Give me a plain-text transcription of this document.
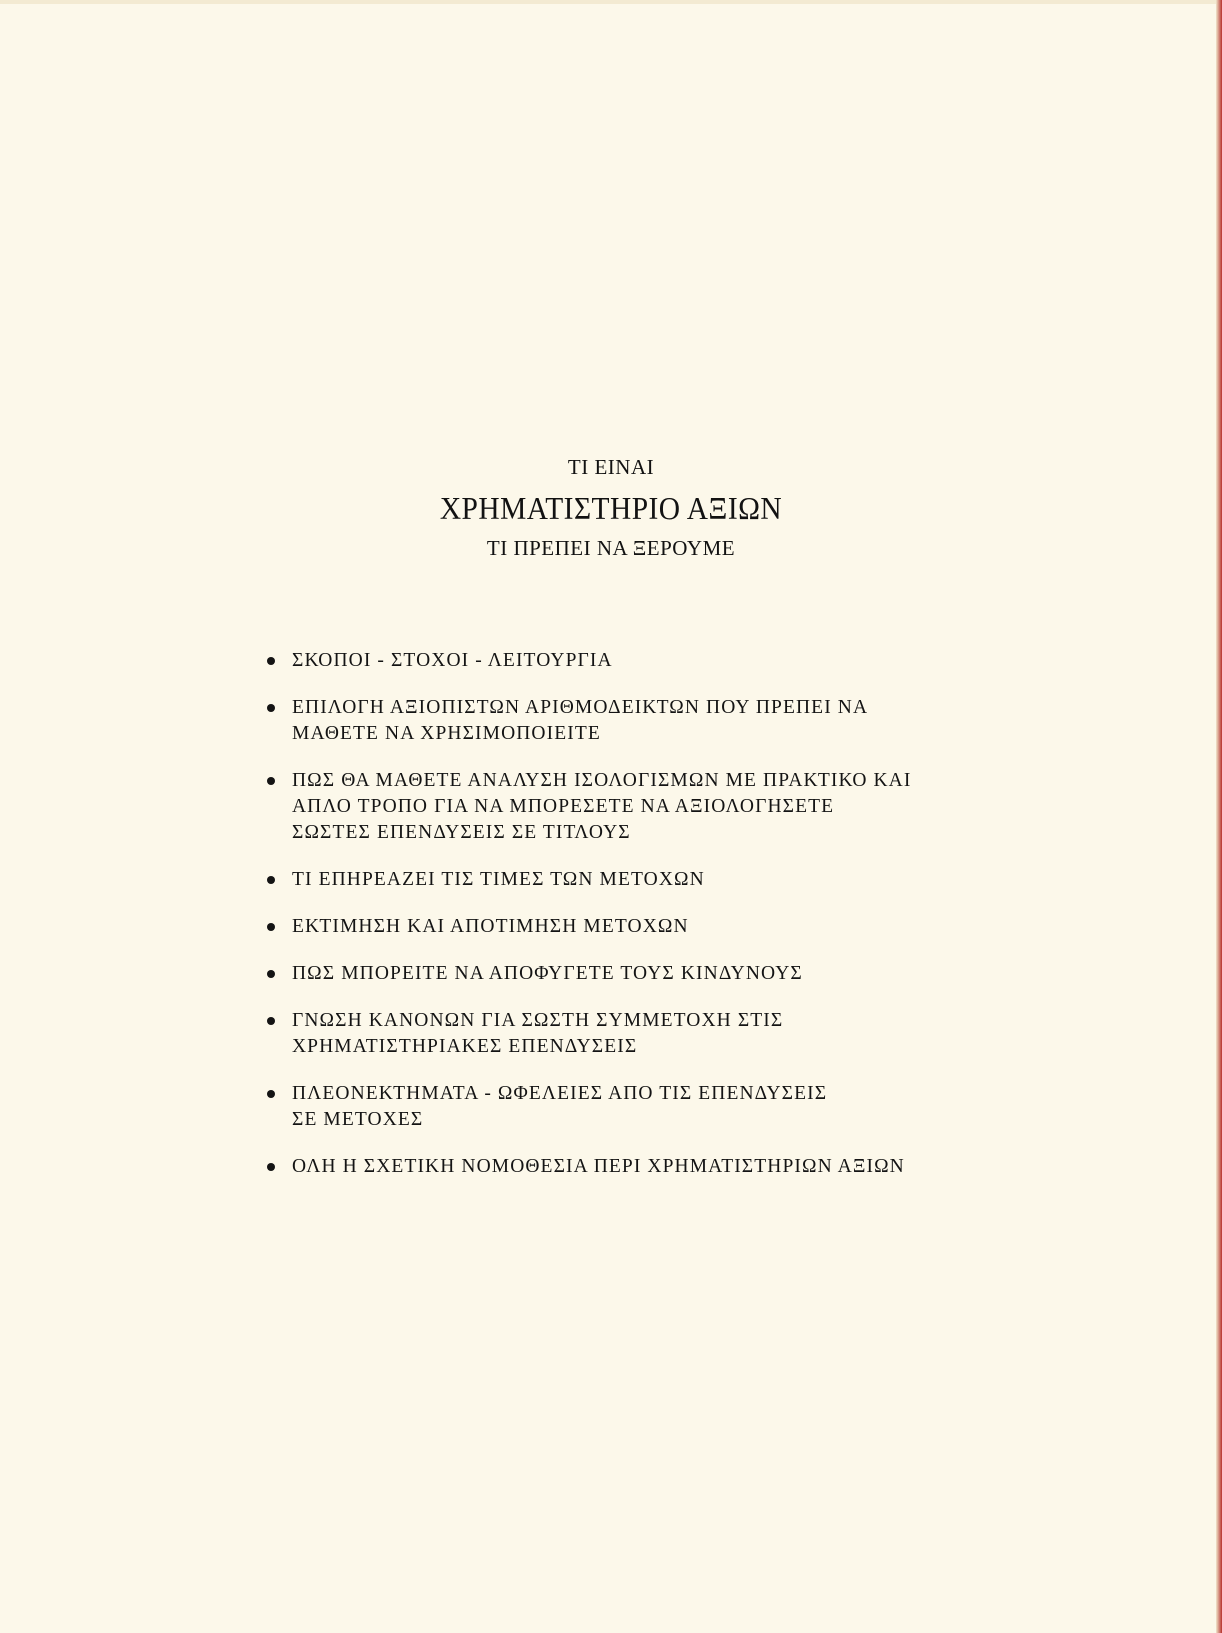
ΤΙ ΕΙΝΑΙ
ΧΡΗΜΑΤΙΣΤΗΡΙΟ ΑΞΙΩΝ
ΤΙ ΠΡΕΠΕΙ ΝΑ ΞΕΡΟΥΜΕ
ΣΚΟΠΟΙ - ΣΤΟΧΟΙ - ΛΕΙΤΟΥΡΓΙΑ
ΕΠΙΛΟΓΗ ΑΞΙΟΠΙΣΤΩΝ ΑΡΙΘΜΟΔΕΙΚΤΩΝ ΠΟΥ ΠΡΕΠΕΙ ΝΑ
ΜΑΘΕΤΕ ΝΑ ΧΡΗΣΙΜΟΠΟΙΕΙΤΕ
ΠΩΣ ΘΑ ΜΑΘΕΤΕ ΑΝΑΛΥΣΗ ΙΣΟΛΟΓΙΣΜΩΝ ΜΕ ΠΡΑΚΤΙΚΟ ΚΑΙ
ΑΠΛΟ ΤΡΟΠΟ ΓΙΑ ΝΑ ΜΠΟΡΕΣΕΤΕ ΝΑ ΑΞΙΟΛΟΓΗΣΕΤΕ
ΣΩΣΤΕΣ ΕΠΕΝΔΥΣΕΙΣ ΣΕ ΤΙΤΛΟΥΣ
ΤΙ ΕΠΗΡΕΑΖΕΙ ΤΙΣ ΤΙΜΕΣ ΤΩΝ ΜΕΤΟΧΩΝ
ΕΚΤΙΜΗΣΗ ΚΑΙ ΑΠΟΤΙΜΗΣΗ ΜΕΤΟΧΩΝ
ΠΩΣ ΜΠΟΡΕΙΤΕ ΝΑ ΑΠΟΦΥΓΕΤΕ ΤΟΥΣ ΚΙΝΔΥΝΟΥΣ
ΓΝΩΣΗ ΚΑΝΟΝΩΝ ΓΙΑ ΣΩΣΤΗ ΣΥΜΜΕΤΟΧΗ ΣΤΙΣ
ΧΡΗΜΑΤΙΣΤΗΡΙΑΚΕΣ ΕΠΕΝΔΥΣΕΙΣ
ΠΛΕΟΝΕΚΤΗΜΑΤΑ - ΩΦΕΛΕΙΕΣ ΑΠΟ ΤΙΣ ΕΠΕΝΔΥΣΕΙΣ
ΣΕ ΜΕΤΟΧΕΣ
ΟΛΗ Η ΣΧΕΤΙΚΗ ΝΟΜΟΘΕΣΙΑ ΠΕΡΙ ΧΡΗΜΑΤΙΣΤΗΡΙΩΝ ΑΞΙΩΝ
